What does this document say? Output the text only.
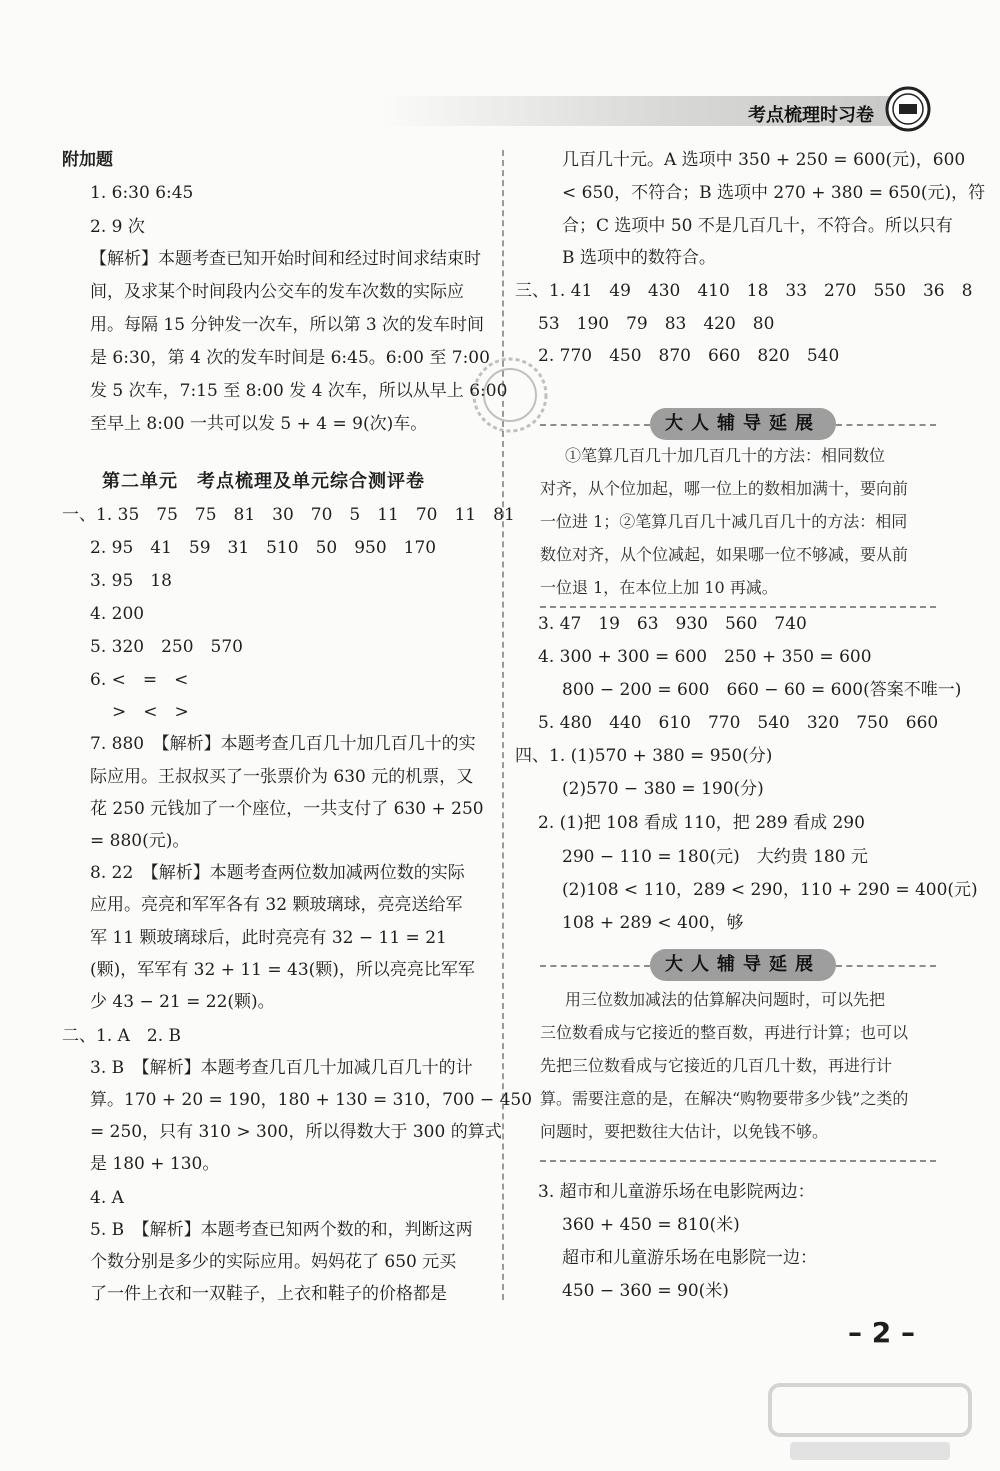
考点梳理时习卷
附加题
1. 6:30 6:45
2. 9 次
【解析】本题考查已知开始时间和经过时间求结束时
间，及求某个时间段内公交车的发车次数的实际应
用。每隔 15 分钟发一次车，所以第 3 次的发车时间
是 6:30，第 4 次的发车时间是 6:45。6:00 至 7:00
发 5 次车，7:15 至 8:00 发 4 次车，所以从早上 6:00
至早上 8:00 一共可以发 5 + 4 = 9(次)车。
第二单元　考点梳理及单元综合测评卷
一、1. 35　75　75　81　30　70　5　11　70　11　81
2. 95　41　59　31　510　50　950　170
3. 95　18
4. 200
5. 320　250　570
6. <　=　<
>　<　>
7. 880　【解析】本题考查几百几十加几百几十的实
际应用。王叔叔买了一张票价为 630 元的机票，又
花 250 元钱加了一个座位，一共支付了 630 + 250
= 880(元)。
8. 22　【解析】本题考查两位数加减两位数的实际
应用。亮亮和军军各有 32 颗玻璃球，亮亮送给军
军 11 颗玻璃球后，此时亮亮有 32 − 11 = 21
(颗)，军军有 32 + 11 = 43(颗)，所以亮亮比军军
少 43 − 21 = 22(颗)。
二、1. A　2. B
3. B　【解析】本题考查几百几十加减几百几十的计
算。170 + 20 = 190，180 + 130 = 310，700 − 450
= 250，只有 310 > 300，所以得数大于 300 的算式
是 180 + 130。
4. A
5. B　【解析】本题考查已知两个数的和，判断这两
个数分别是多少的实际应用。妈妈花了 650 元买
了一件上衣和一双鞋子，上衣和鞋子的价格都是
几百几十元。A 选项中 350 + 250 = 600(元)，600
< 650，不符合；B 选项中 270 + 380 = 650(元)，符
合；C 选项中 50 不是几百几十，不符合。所以只有
B 选项中的数符合。
三、1. 41　49　430　410　18　33　270　550　36　8
53　190　79　83　420　80
2. 770　450　870　660　820　540
大人辅导延展
①笔算几百几十加几百几十的方法：相同数位
对齐，从个位加起，哪一位上的数相加满十，要向前
一位进 1；②笔算几百几十减几百几十的方法：相同
数位对齐，从个位减起，如果哪一位不够减，要从前
一位退 1，在本位上加 10 再减。
3. 47　19　63　930　560　740
4. 300 + 300 = 600　250 + 350 = 600
800 − 200 = 600　660 − 60 = 600(答案不唯一)
5. 480　440　610　770　540　320　750　660
四、1. (1)570 + 380 = 950(分)
(2)570 − 380 = 190(分)
2. (1)把 108 看成 110，把 289 看成 290
290 − 110 = 180(元)　大约贵 180 元
(2)108 < 110，289 < 290，110 + 290 = 400(元)
108 + 289 < 400，够
大人辅导延展
用三位数加减法的估算解决问题时，可以先把
三位数看成与它接近的整百数，再进行计算；也可以
先把三位数看成与它接近的几百几十数，再进行计
算。需要注意的是，在解决“购物要带多少钱”之类的
问题时，要把数往大估计，以免钱不够。
3. 超市和儿童游乐场在电影院两边：
360 + 450 = 810(米)
超市和儿童游乐场在电影院一边：
450 − 360 = 90(米)
– 2 –
